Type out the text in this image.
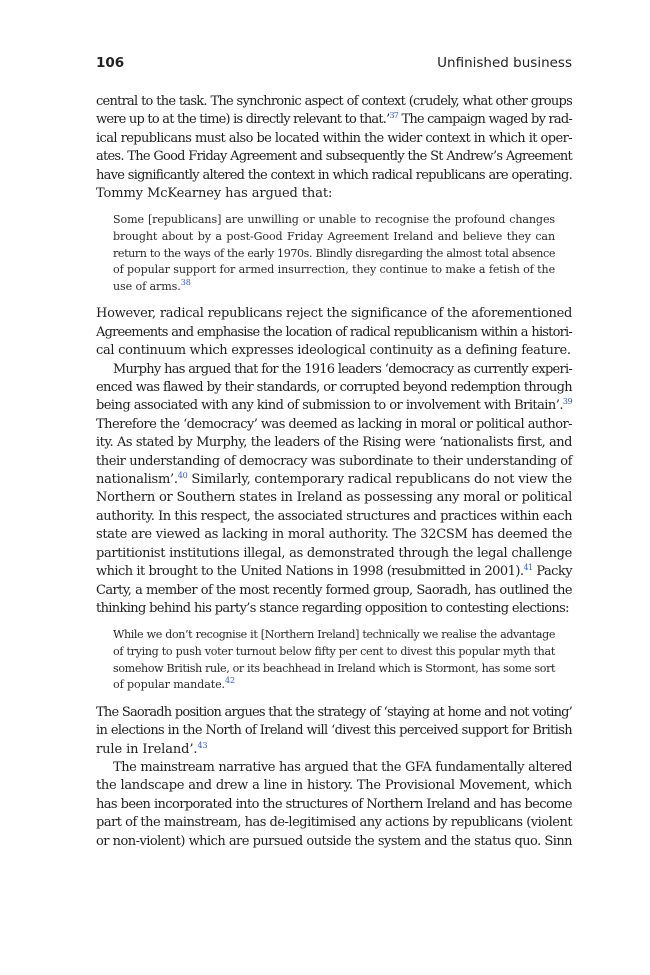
106	Unfinished business
central to the task. The synchronic aspect of context (crudely, what other groups
were up to at the time) is directly relevant to that.’$^{37}$ The campaign waged by rad-
ical republicans must also be located within the wider context in which it oper-
ates. The Good Friday Agreement and subsequently the St Andrew’s Agreement
have significantly altered the context in which radical republicans are operating.
Tommy McKearney has argued that:
Some [republicans] are unwilling or unable to recognise the profound changes
brought about by a post-Good Friday Agreement Ireland and believe they can
return to the ways of the early 1970s. Blindly disregarding the almost total absence
of popular support for armed insurrection, they continue to make a fetish of the
use of arms.$^{38}$
However, radical republicans reject the significance of the aforementioned
Agreements and emphasise the location of radical republicanism within a histori-
cal continuum which expresses ideological continuity as a defining feature.
Murphy has argued that for the 1916 leaders ‘democracy as currently experi-
enced was flawed by their standards, or corrupted beyond redemption through
being associated with any kind of submission to or involvement with Britain’.$^{39}$
Therefore the ‘democracy’ was deemed as lacking in moral or political author-
ity. As stated by Murphy, the leaders of the Rising were ‘nationalists first, and
their understanding of democracy was subordinate to their understanding of
nationalism’.$^{40}$ Similarly, contemporary radical republicans do not view the
Northern or Southern states in Ireland as possessing any moral or political
authority. In this respect, the associated structures and practices within each
state are viewed as lacking in moral authority. The 32CSM has deemed the
partitionist institutions illegal, as demonstrated through the legal challenge
which it brought to the United Nations in 1998 (resubmitted in 2001).$^{41}$ Packy
Carty, a member of the most recently formed group, Saoradh, has outlined the
thinking behind his party’s stance regarding opposition to contesting elections:
While we don’t recognise it [Northern Ireland] technically we realise the advantage
of trying to push voter turnout below fifty per cent to divest this popular myth that
somehow British rule, or its beachhead in Ireland which is Stormont, has some sort
of popular mandate.$^{42}$
The Saoradh position argues that the strategy of ‘staying at home and not voting’
in elections in the North of Ireland will ‘divest this perceived support for British
rule in Ireland’.$^{43}$
The mainstream narrative has argued that the GFA fundamentally altered
the landscape and drew a line in history. The Provisional Movement, which
has been incorporated into the structures of Northern Ireland and has become
part of the mainstream, has de-legitimised any actions by republicans (violent
or non-violent) which are pursued outside the system and the status quo. Sinn
